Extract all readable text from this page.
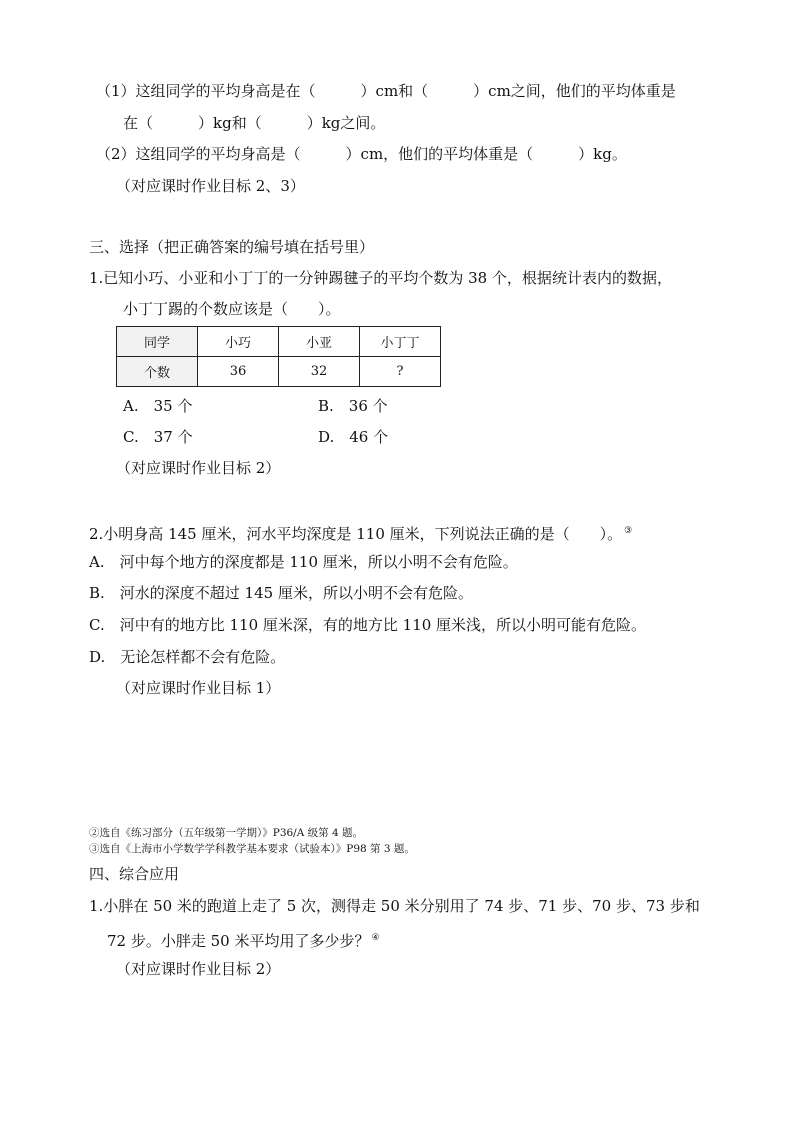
（1）这组同学的平均身高是在（　　　）cm和（　　　）cm之间，他们的平均体重是
在（　　　）kg和（　　　）kg之间。
（2）这组同学的平均身高是（　　　）cm，他们的平均体重是（　　　）kg。
（对应课时作业目标 2、3）
三、选择（把正确答案的编号填在括号里）
1.已知小巧、小亚和小丁丁的一分钟踢毽子的平均个数为 38 个，根据统计表内的数据，
小丁丁踢的个数应该是（　　）。
同学	小巧	小亚	小丁丁
个数	36	32	?
A.　35 个	B.　36 个
C.　37 个	D.　46 个
（对应课时作业目标 2）
2.小明身高 145 厘米，河水平均深度是 110 厘米，下列说法正确的是（　　）。 ③
A.　河中每个地方的深度都是 110 厘米，所以小明不会有危险。
B.　河水的深度不超过 145 厘米，所以小明不会有危险。
C.　河中有的地方比 110 厘米深，有的地方比 110 厘米浅，所以小明可能有危险。
D.　无论怎样都不会有危险。
（对应课时作业目标 1）
②选自《练习部分（五年级第一学期）》P36/A 级第 4 题。
③选自《上海市小学数学学科教学基本要求（试验本）》P98 第 3 题。
四、综合应用
1.小胖在 50 米的跑道上走了 5 次，测得走 50 米分别用了 74 步、71 步、70 步、73 步和
72 步。小胖走 50 米平均用了多少步？ ④
（对应课时作业目标 2）
